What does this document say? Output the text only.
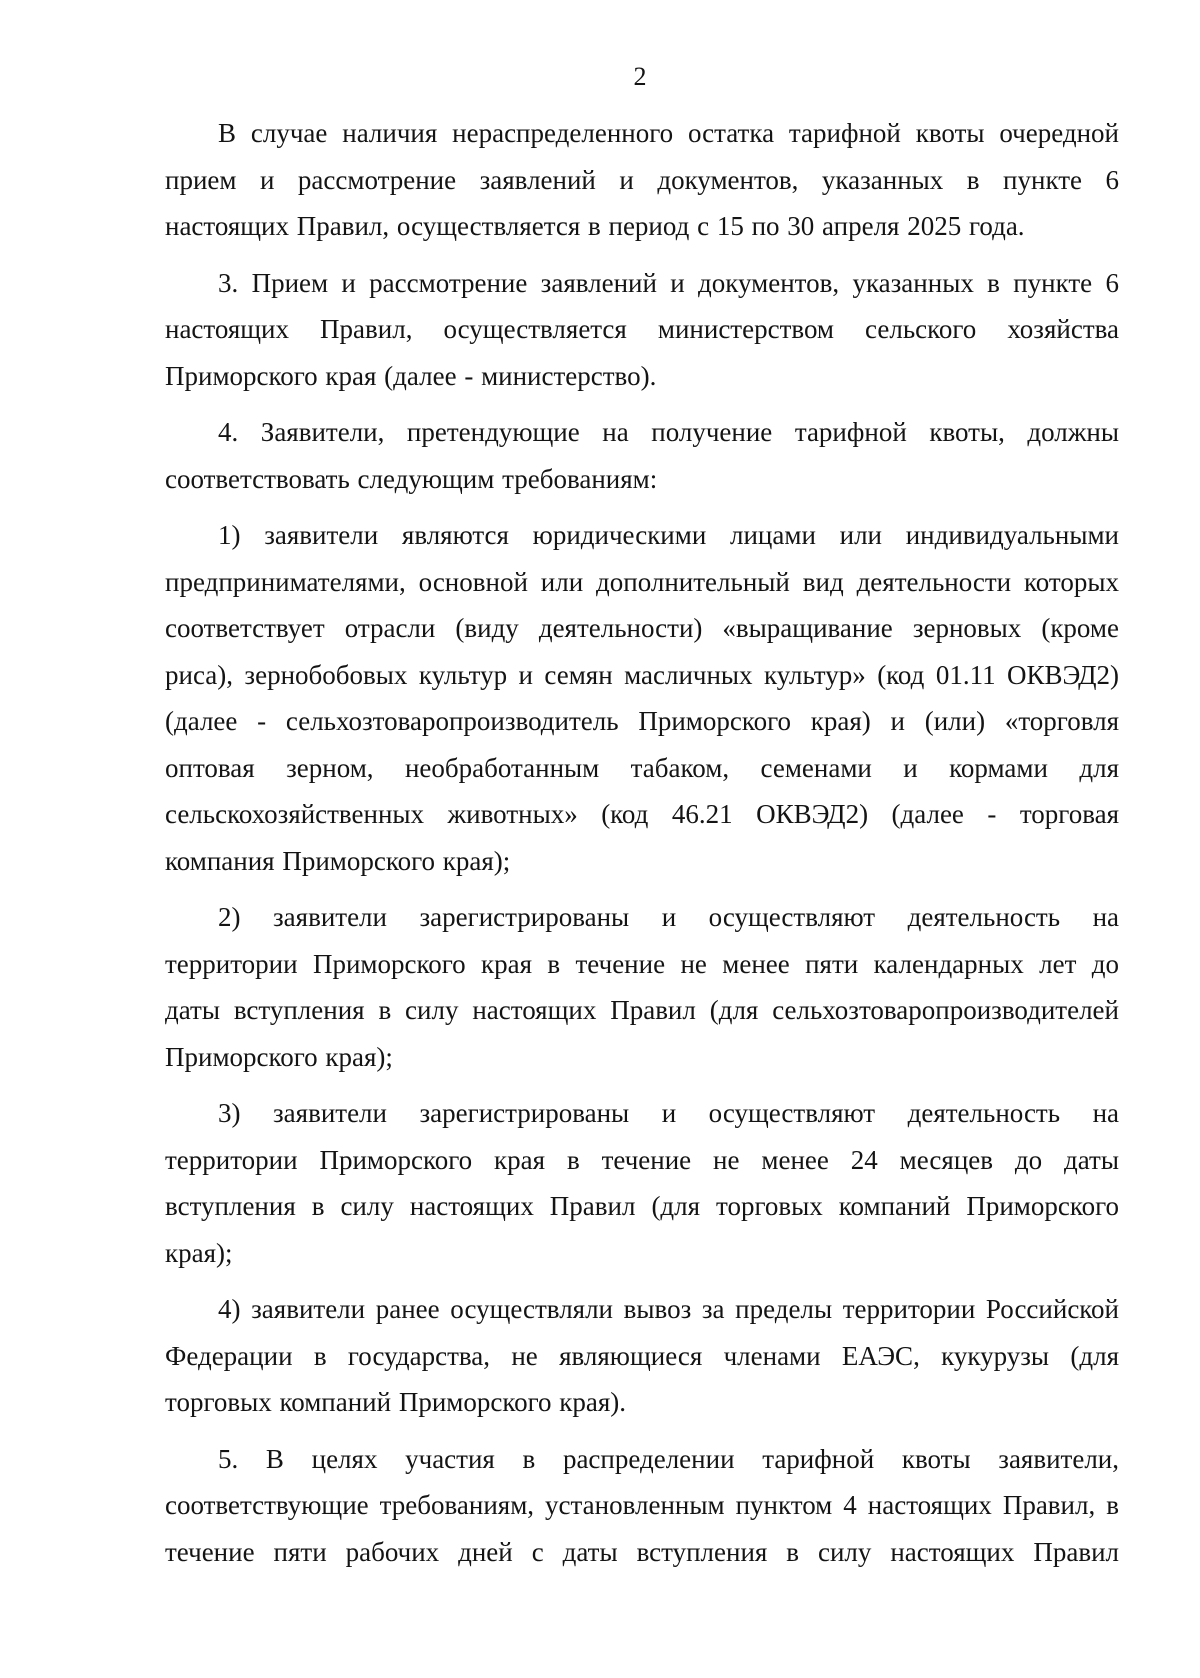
2

В случае наличия нераспределенного остатка тарифной квоты очередной
прием и рассмотрение заявлений и документов, указанных в пункте 6
настоящих Правил, осуществляется в период с 15 по 30 апреля 2025 года.

3. Прием и рассмотрение заявлений и документов, указанных в пункте 6
настоящих Правил, осуществляется министерством сельского хозяйства
Приморского края (далее - министерство).

4. Заявители, претендующие на получение тарифной квоты, должны
соответствовать следующим требованиям:

1) заявители являются юридическими лицами или индивидуальными
предпринимателями, основной или дополнительный вид деятельности которых
соответствует отрасли (виду деятельности) «выращивание зерновых (кроме
риса), зернобобовых культур и семян масличных культур» (код 01.11 ОКВЭД2)
(далее - сельхозтоваропроизводитель Приморского края) и (или) «торговля
оптовая зерном, необработанным табаком, семенами и кормами для
сельскохозяйственных животных» (код 46.21 ОКВЭД2) (далее - торговая
компания Приморского края);

2) заявители зарегистрированы и осуществляют деятельность на
территории Приморского края в течение не менее пяти календарных лет до
даты вступления в силу настоящих Правил (для сельхозтоваропроизводителей
Приморского края);

3) заявители зарегистрированы и осуществляют деятельность на
территории Приморского края в течение не менее 24 месяцев до даты
вступления в силу настоящих Правил (для торговых компаний Приморского
края);

4) заявители ранее осуществляли вывоз за пределы территории Российской
Федерации в государства, не являющиеся членами ЕАЭС, кукурузы (для
торговых компаний Приморского края).

5. В целях участия в распределении тарифной квоты заявители,
соответствующие требованиям, установленным пунктом 4 настоящих Правил, в
течение пяти рабочих дней с даты вступления в силу настоящих Правил
